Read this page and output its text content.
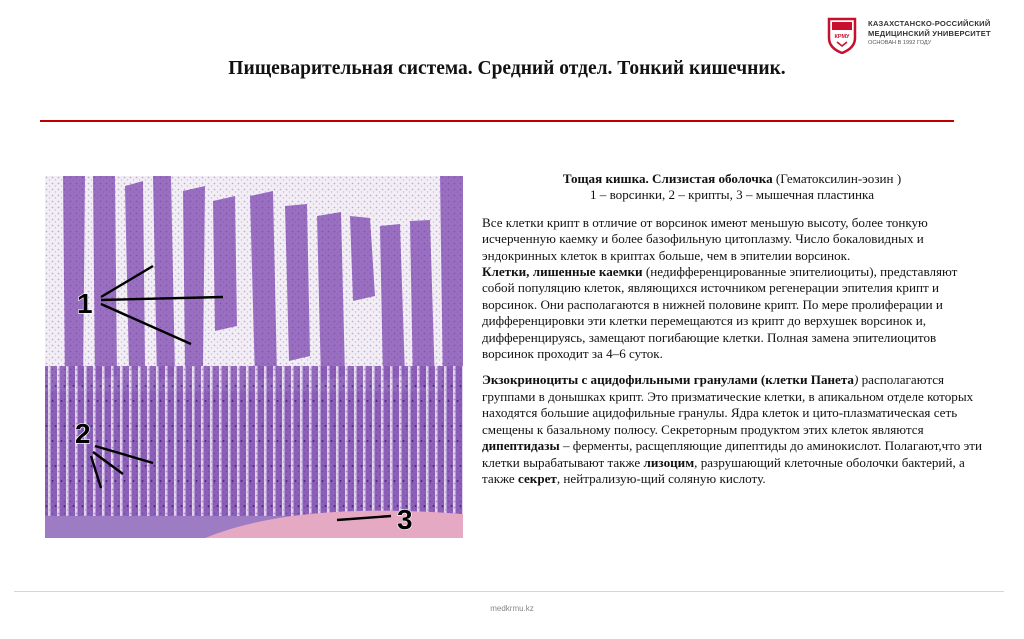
КРМУ
КАЗАХСТАНСКО-РОССИЙСКИЙ
МЕДИЦИНСКИЙ УНИВЕРСИТЕТ
ОСНОВАН В 1992 ГОДУ
Пищеварительная система. Средний отдел. Тонкий кишечник.
1
2
3

Тощая кишка. Слизистая оболочка (Гематоксилин-эозин )

1 – ворсинки, 2 – крипты, 3 – мышечная пластинка

Все клетки крипт в отличие от ворсинок имеют меньшую высоту, более тонкую исчерченную каемку и более базофильную цитоплазму. Число бокаловидных и эндокринных клеток в криптах больше, чем в эпителии ворсинок.
Клетки, лишенные каемки (недифференцированные эпителиоциты), представляют собой популяцию клеток, являющихся источником регенерации эпителия крипт и ворсинок. Они располагаются в нижней половине крипт. По мере пролиферации и дифференцировки эти клетки перемещаются из крипт до верхушек ворсинок и, дифференцируясь, замещают погибающие клетки. Полная замена эпителиоцитов ворсинок проходит за 4–6 суток.

Экзокриноциты с ацидофильными гранулами (клетки Панета) располагаются группами в донышках крипт. Это призматические клетки, в апикальном отделе которых находятся большие ацидофильные гранулы. Ядра клеток и цито-плазматическая сеть смещены к базальному полюсу. Секреторным продуктом этих клеток являются дипептидазы – ферменты, расщепляющие дипептиды до аминокислот. Полагают,что эти клетки вырабатывают также лизоцим, разрушающий клеточные оболочки бактерий, а также секрет, нейтрализую-щий соляную кислоту.

medkrmu.kz
